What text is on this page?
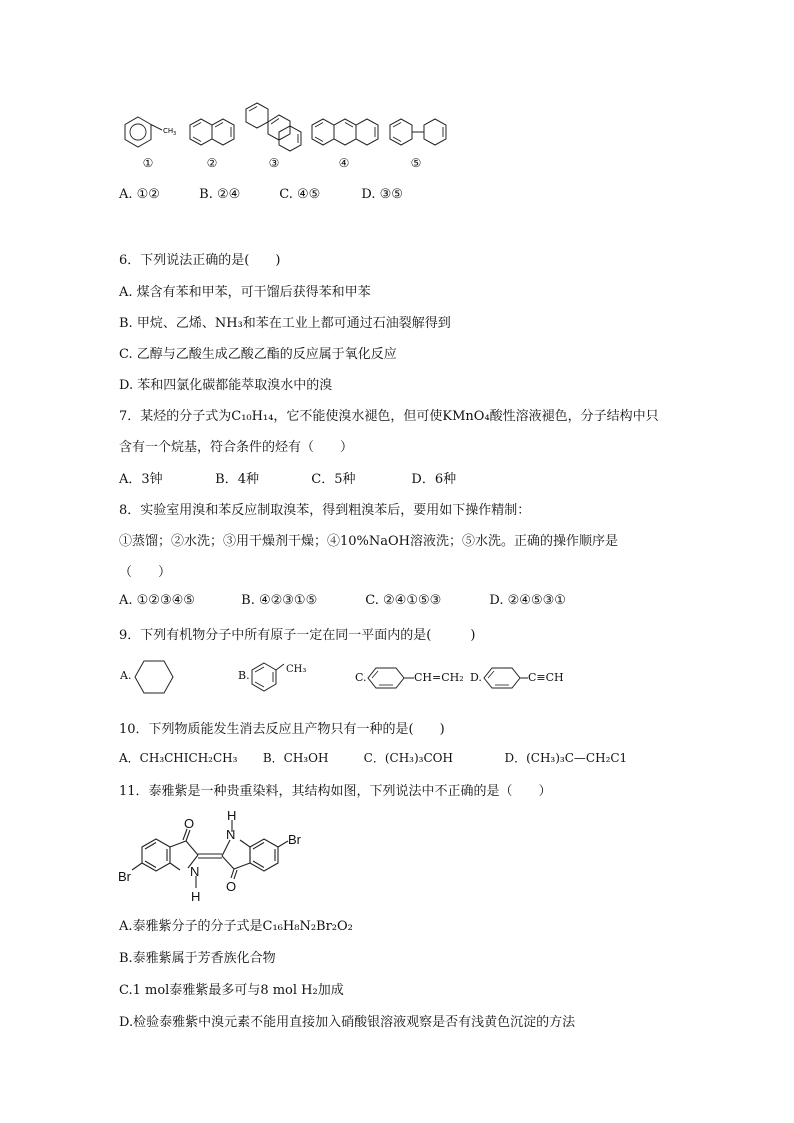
CH 3
①	②	③	④	⑤
A. ①②	B. ②④	C. ④⑤	D. ③⑤
6．下列说法正确的是(　　)
A. 煤含有苯和甲苯，可干馏后获得苯和甲苯
B. 甲烷、乙烯、NH₃和苯在工业上都可通过石油裂解得到
C. 乙醇与乙酸生成乙酸乙酯的反应属于氧化反应
D. 苯和四氯化碳都能萃取溴水中的溴
7．某烃的分子式为C₁₀H₁₄，它不能使溴水褪色，但可使KMnO₄酸性溶液褪色，分子结构中只
含有一个烷基，符合条件的烃有（　　）
A．3钟	B．4种	C．5种	D．6种
8．实验室用溴和苯反应制取溴苯，得到粗溴苯后，要用如下操作精制：
①蒸馏；②水洗；③用干燥剂干燥；④10%NaOH溶液洗；⑤水洗。正确的操作顺序是
（　　）
A. ①②③④⑤	B. ④②③①⑤	C. ②④①⑤③	D. ②④⑤③①
9．下列有机物分子中所有原子一定在同一平面内的是(　　　)
A.	B.	CH₃
C.	CH=CH₂ D.	C≡CH
10．下列物质能发生消去反应且产物只有一种的是(　　)
A．CH₃CHICH₂CH₃ B．CH₃OH	C．(CH₃)₃COH	D．(CH₃)₃C—CH₂C1
11．泰雅紫是一种贵重染料，其结构如图，下列说法中不正确的是（　　）
O
O
H
N
N
H
Br
Br
A.泰雅紫分子的分子式是C₁₆H₈N₂Br₂O₂
B.泰雅紫属于芳香族化合物
C.1 mol泰雅紫最多可与8 mol H₂加成
D.检验泰雅紫中溴元素不能用直接加入硝酸银溶液观察是否有浅黄色沉淀的方法
